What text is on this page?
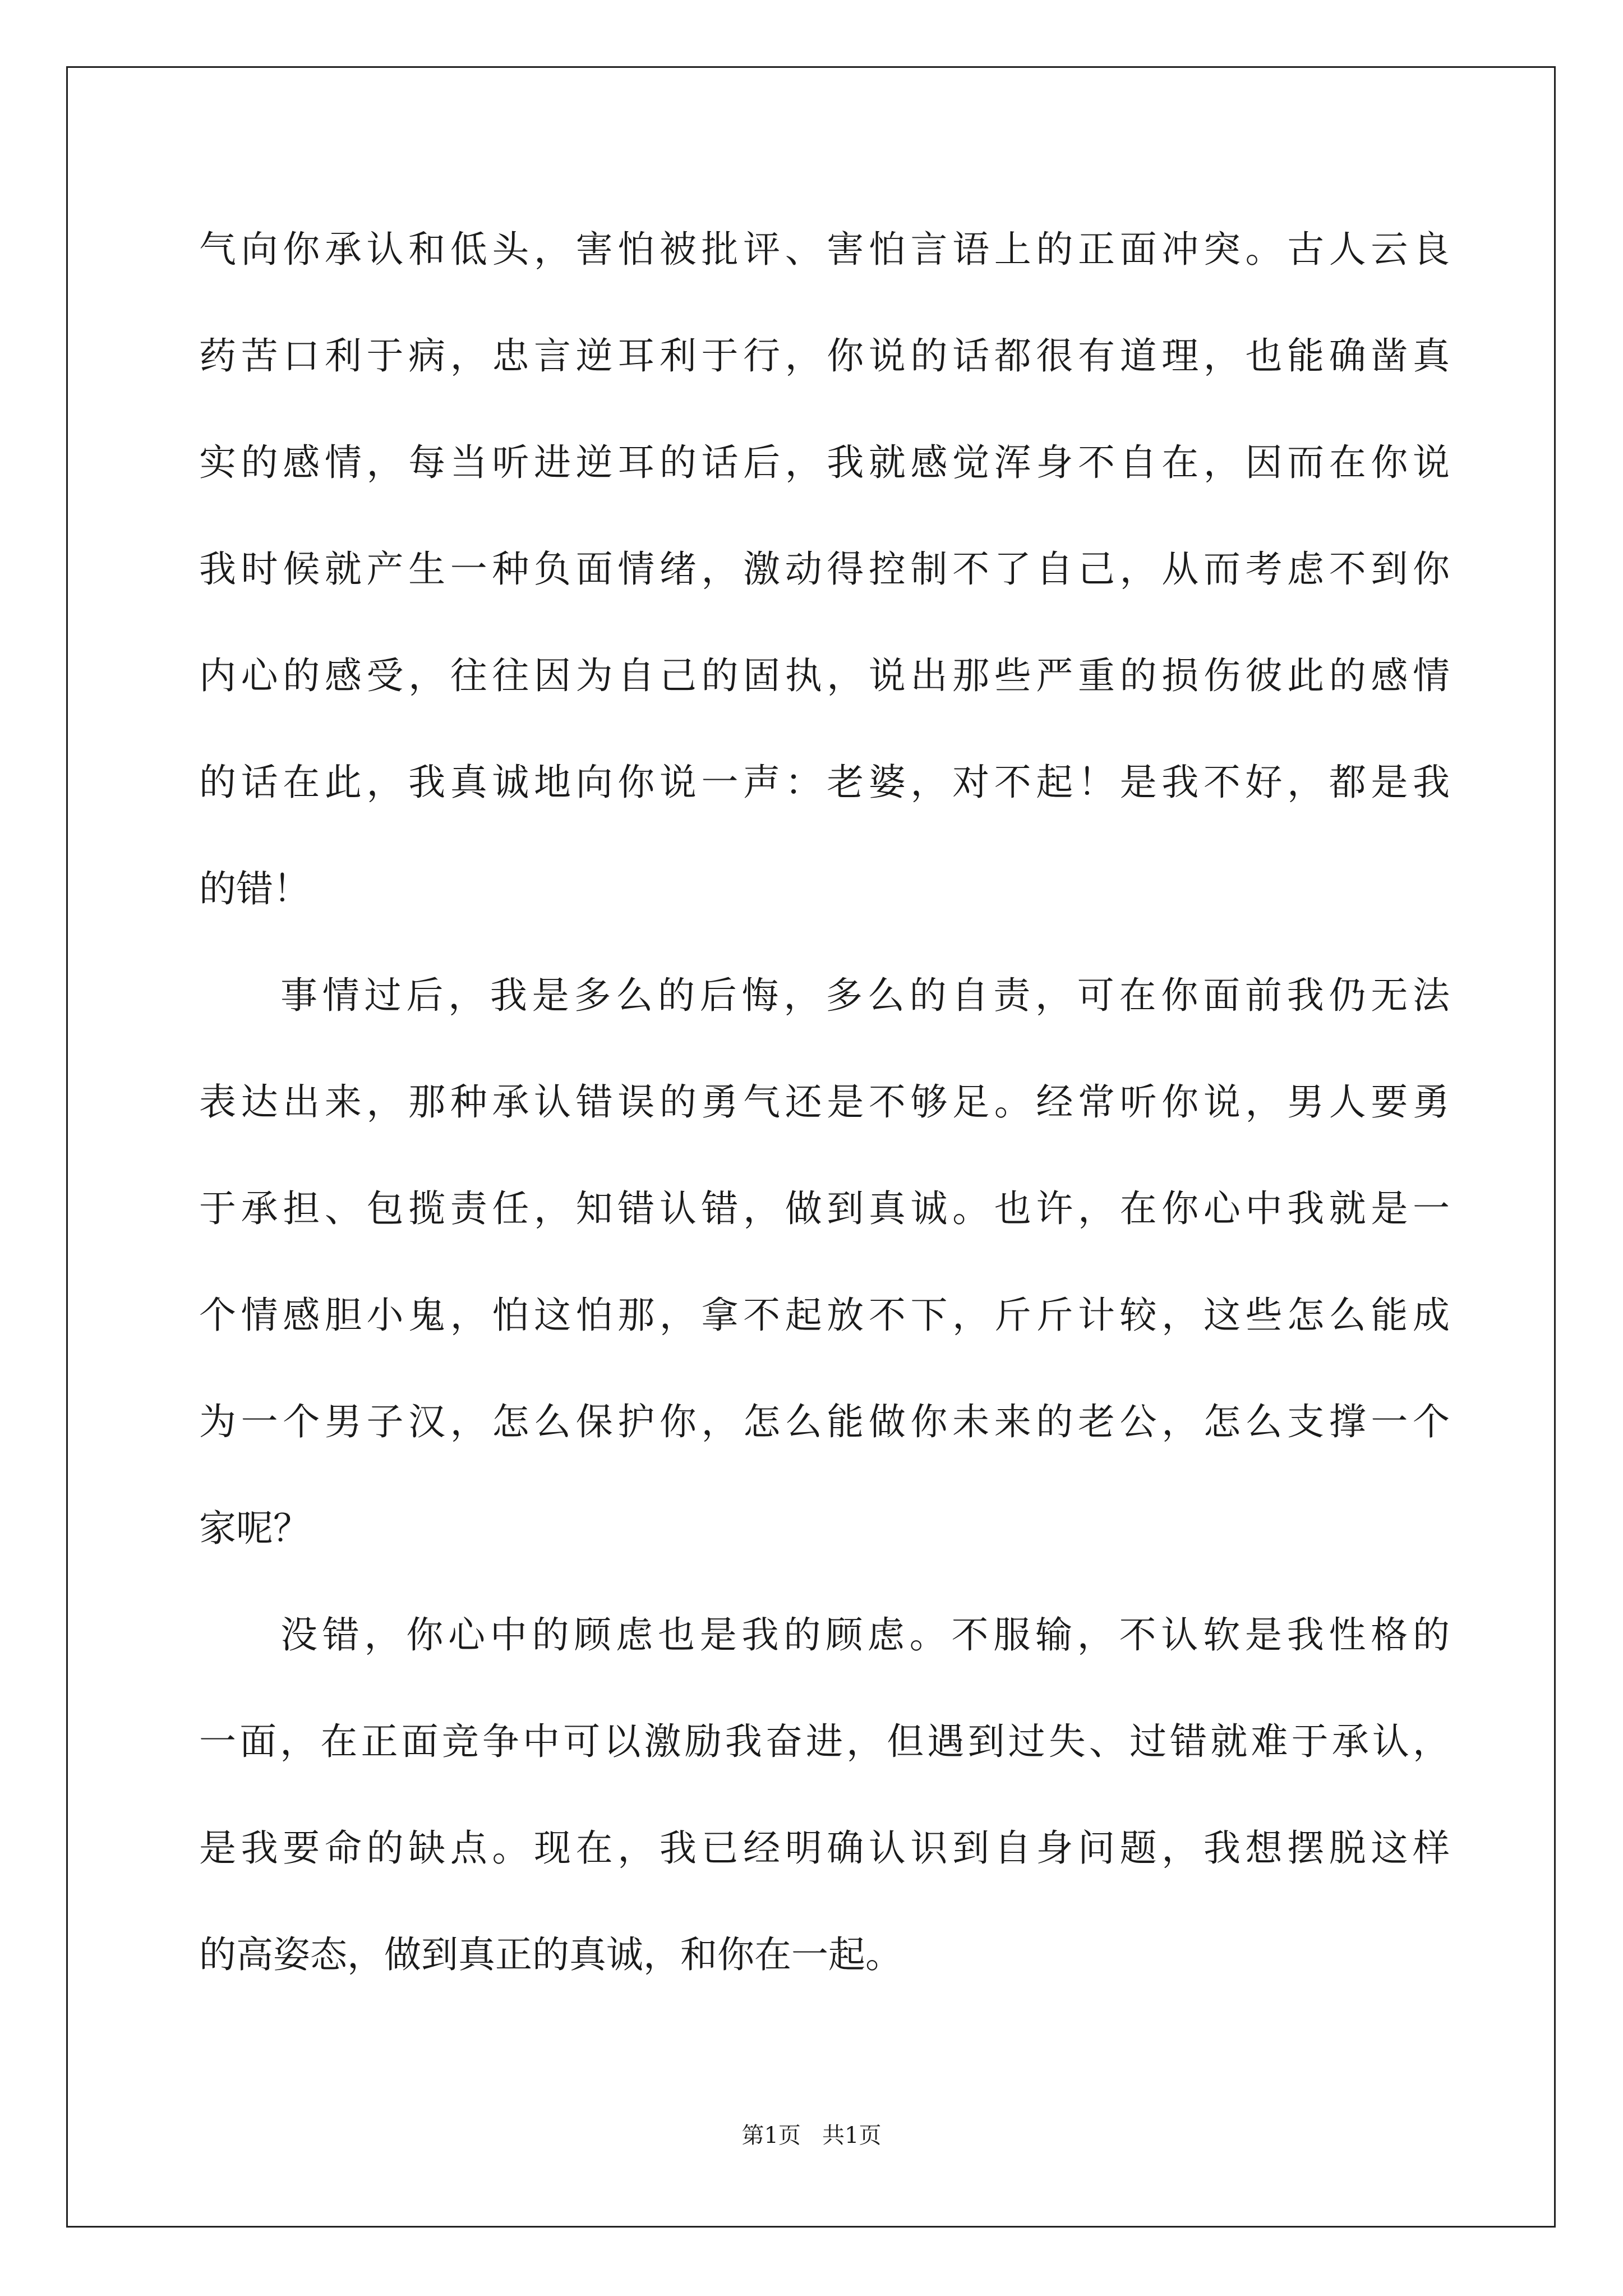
气向你承认和低头，害怕被批评、害怕言语上的正面冲突。古人云良
药苦口利于病，忠言逆耳利于行，你说的话都很有道理，也能确凿真
实的感情，每当听进逆耳的话后，我就感觉浑身不自在，因而在你说
我时候就产生一种负面情绪，激动得控制不了自己，从而考虑不到你
内心的感受，往往因为自己的固执，说出那些严重的损伤彼此的感情
的话在此，我真诚地向你说一声：老婆，对不起！是我不好，都是我
的错！
事情过后，我是多么的后悔，多么的自责，可在你面前我仍无法
表达出来，那种承认错误的勇气还是不够足。经常听你说，男人要勇
于承担、包揽责任，知错认错，做到真诚。也许，在你心中我就是一
个情感胆小鬼，怕这怕那，拿不起放不下，斤斤计较，这些怎么能成
为一个男子汉，怎么保护你，怎么能做你未来的老公，怎么支撑一个
家呢？
没错，你心中的顾虑也是我的顾虑。不服输，不认软是我性格的
一面，在正面竞争中可以激励我奋进，但遇到过失、过错就难于承认，
是我要命的缺点。现在，我已经明确认识到自身问题，我想摆脱这样
的高姿态，做到真正的真诚，和你在一起。
第1页   共1页
